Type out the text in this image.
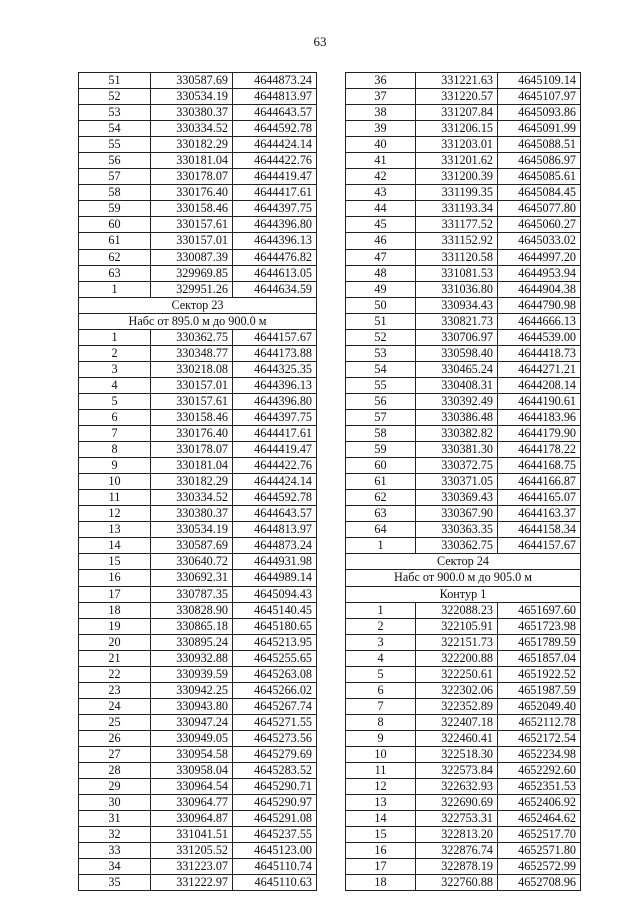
63
51	330587.69	4644873.24
52	330534.19	4644813.97
53	330380.37	4644643.57
54	330334.52	4644592.78
55	330182.29	4644424.14
56	330181.04	4644422.76
57	330178.07	4644419.47
58	330176.40	4644417.61
59	330158.46	4644397.75
60	330157.61	4644396.80
61	330157.01	4644396.13
62	330087.39	4644476.82
63	329969.85	4644613.05
1	329951.26	4644634.59
Сектор 23		
Набс от 895.0 м до 900.0 м		
1	330362.75	4644157.67
2	330348.77	4644173.88
3	330218.08	4644325.35
4	330157.01	4644396.13
5	330157.61	4644396.80
6	330158.46	4644397.75
7	330176.40	4644417.61
8	330178.07	4644419.47
9	330181.04	4644422.76
10	330182.29	4644424.14
11	330334.52	4644592.78
12	330380.37	4644643.57
13	330534.19	4644813.97
14	330587.69	4644873.24
15	330640.72	4644931.98
16	330692.31	4644989.14
17	330787.35	4645094.43
18	330828.90	4645140.45
19	330865.18	4645180.65
20	330895.24	4645213.95
21	330932.88	4645255.65
22	330939.59	4645263.08
23	330942.25	4645266.02
24	330943.80	4645267.74
25	330947.24	4645271.55
26	330949.05	4645273.56
27	330954.58	4645279.69
28	330958.04	4645283.52
29	330964.54	4645290.71
30	330964.77	4645290.97
31	330964.87	4645291.08
32	331041.51	4645237.55
33	331205.52	4645123.00
34	331223.07	4645110.74
35	331222.97	4645110.63
36	331221.63	4645109.14
37	331220.57	4645107.97
38	331207.84	4645093.86
39	331206.15	4645091.99
40	331203.01	4645088.51
41	331201.62	4645086.97
42	331200.39	4645085.61
43	331199.35	4645084.45
44	331193.34	4645077.80
45	331177.52	4645060.27
46	331152.92	4645033.02
47	331120.58	4644997.20
48	331081.53	4644953.94
49	331036.80	4644904.38
50	330934.43	4644790.98
51	330821.73	4644666.13
52	330706.97	4644539.00
53	330598.40	4644418.73
54	330465.24	4644271.21
55	330408.31	4644208.14
56	330392.49	4644190.61
57	330386.48	4644183.96
58	330382.82	4644179.90
59	330381.30	4644178.22
60	330372.75	4644168.75
61	330371.05	4644166.87
62	330369.43	4644165.07
63	330367.90	4644163.37
64	330363.35	4644158.34
1	330362.75	4644157.67
Сектор 24		
Набс от 900.0 м до 905.0 м		
Контур 1		
1	322088.23	4651697.60
2	322105.91	4651723.98
3	322151.73	4651789.59
4	322200.88	4651857.04
5	322250.61	4651922.52
6	322302.06	4651987.59
7	322352.89	4652049.40
8	322407.18	4652112.78
9	322460.41	4652172.54
10	322518.30	4652234.98
11	322573.84	4652292.60
12	322632.93	4652351.53
13	322690.69	4652406.92
14	322753.31	4652464.62
15	322813.20	4652517.70
16	322876.74	4652571.80
17	322878.19	4652572.99
18	322760.88	4652708.96
